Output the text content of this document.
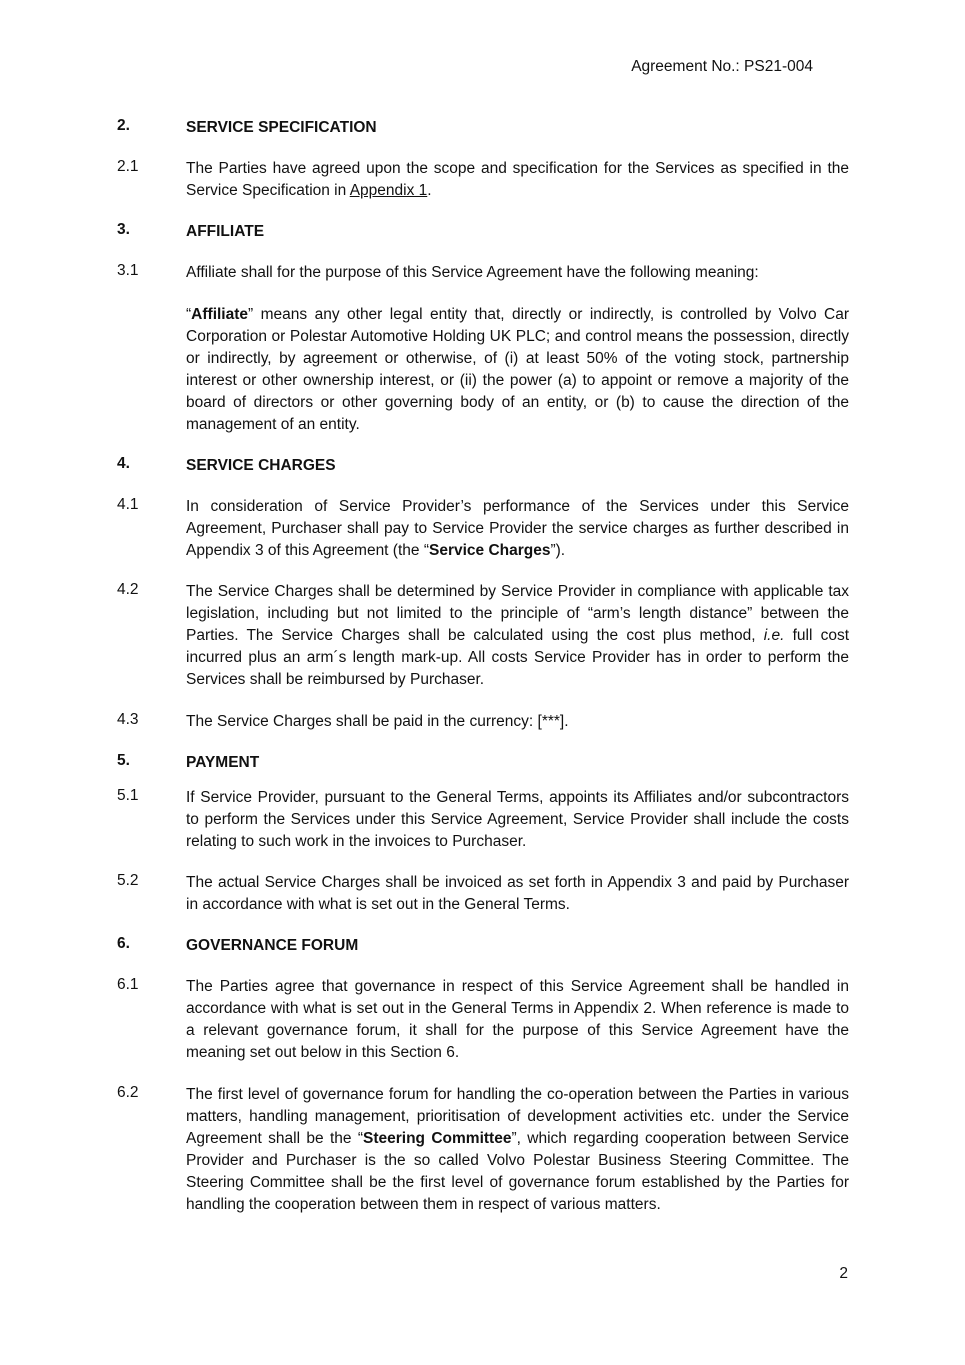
Agreement No.: PS21-004
2.	SERVICE SPECIFICATION
2.1	The Parties have agreed upon the scope and specification for the Services as specified in the Service Specification in Appendix 1.
3.	AFFILIATE
3.1	Affiliate shall for the purpose of this Service Agreement have the following meaning:
“Affiliate” means any other legal entity that, directly or indirectly, is controlled by Volvo Car Corporation or Polestar Automotive Holding UK PLC; and control means the possession, directly or indirectly, by agreement or otherwise, of (i) at least 50% of the voting stock, partnership interest or other ownership interest, or (ii) the power (a) to appoint or remove a majority of the board of directors or other governing body of an entity, or (b) to cause the direction of the management of an entity.
4.	SERVICE CHARGES
4.1	In consideration of Service Provider’s performance of the Services under this Service Agreement, Purchaser shall pay to Service Provider the service charges as further described in Appendix 3 of this Agreement (the “Service Charges”).
4.2	The Service Charges shall be determined by Service Provider in compliance with applicable tax legislation, including but not limited to the principle of “arm’s length distance” between the Parties. The Service Charges shall be calculated using the cost plus method, i.e. full cost incurred plus an arm´s length mark-up. All costs Service Provider has in order to perform the Services shall be reimbursed by Purchaser.
4.3	The Service Charges shall be paid in the currency: [***].
5.	PAYMENT
5.1	If Service Provider, pursuant to the General Terms, appoints its Affiliates and/or subcontractors to perform the Services under this Service Agreement, Service Provider shall include the costs relating to such work in the invoices to Purchaser.
5.2	The actual Service Charges shall be invoiced as set forth in Appendix 3 and paid by Purchaser in accordance with what is set out in the General Terms.
6.	GOVERNANCE FORUM
6.1	The Parties agree that governance in respect of this Service Agreement shall be handled in accordance with what is set out in the General Terms in Appendix 2. When reference is made to a relevant governance forum, it shall for the purpose of this Service Agreement have the meaning set out below in this Section 6.
6.2	The first level of governance forum for handling the co-operation between the Parties in various matters, handling management, prioritisation of development activities etc. under the Service Agreement shall be the “Steering Committee”, which regarding cooperation between Service Provider and Purchaser is the so called Volvo Polestar Business Steering Committee. The Steering Committee shall be the first level of governance forum established by the Parties for handling the cooperation between them in respect of various matters.
2
